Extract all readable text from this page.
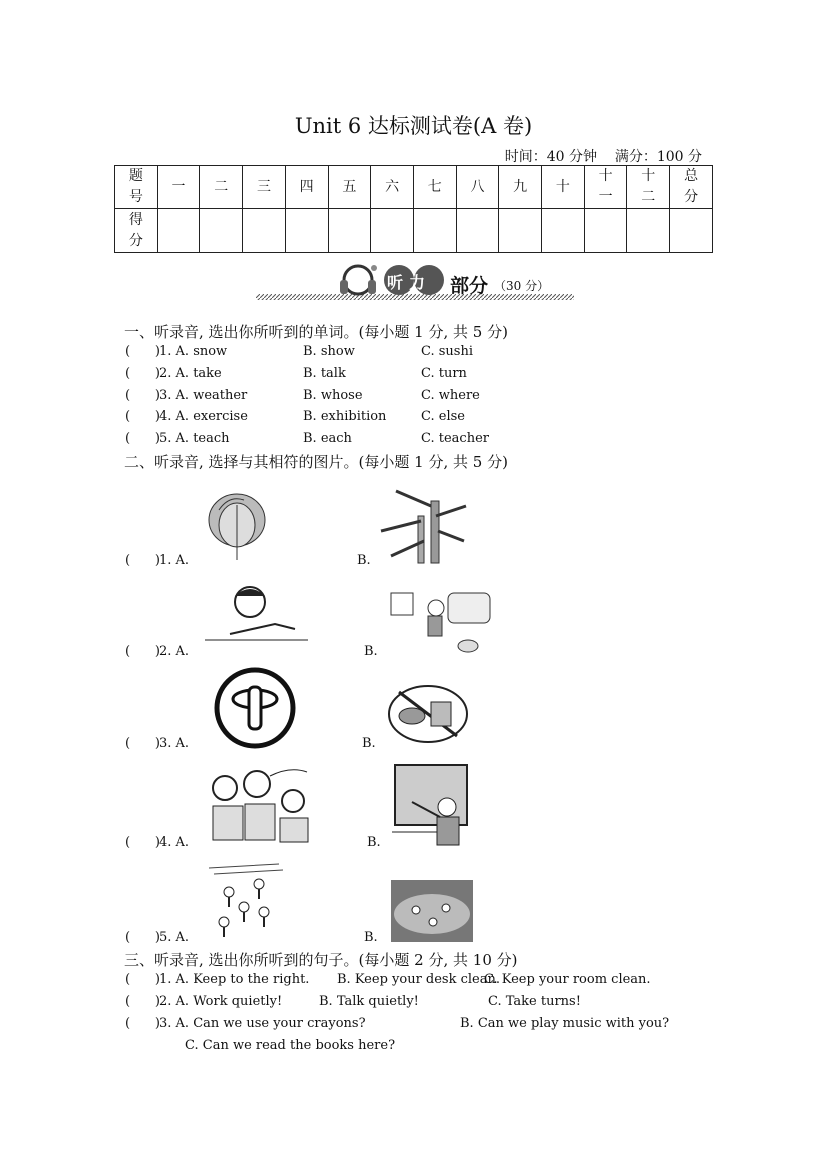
Unit 6 达标测试卷(A 卷)
时间：40 分钟    满分：100 分
题号	一	二	三	四	五	六	七	八	九	十	十一	十二	总分
得分													
听力 部分 （30 分）
一、听录音, 选出你所听到的单词。(每小题 1 分, 共 5 分)
(      ) 1. A. snow	B. show	C. sushi
(      ) 2. A. take	B. talk	C. turn
(      ) 3. A. weather	B. whose	C. where
(      ) 4. A. exercise	B. exhibition	C. else
(      ) 5. A. teach	B. each	C. teacher
二、听录音, 选择与其相符的图片。(每小题 1 分, 共 5 分)
(      ) 1. A.	B.
(      ) 2. A.	B.
(      ) 3. A.	B.
(      ) 4. A.	B.
(      ) 5. A.	B.
三、听录音, 选出你所听到的句子。(每小题 2 分, 共 10 分)
(      ) 1. A. Keep to the right. B. Keep your desk clean.
C. Keep your room clean.
(      ) 2. A. Work quietly!	B. Talk quietly!	C. Take turns!
(      ) 3. A. Can we use your crayons?	B. Can we play music with you?
C. Can we read the books here?
